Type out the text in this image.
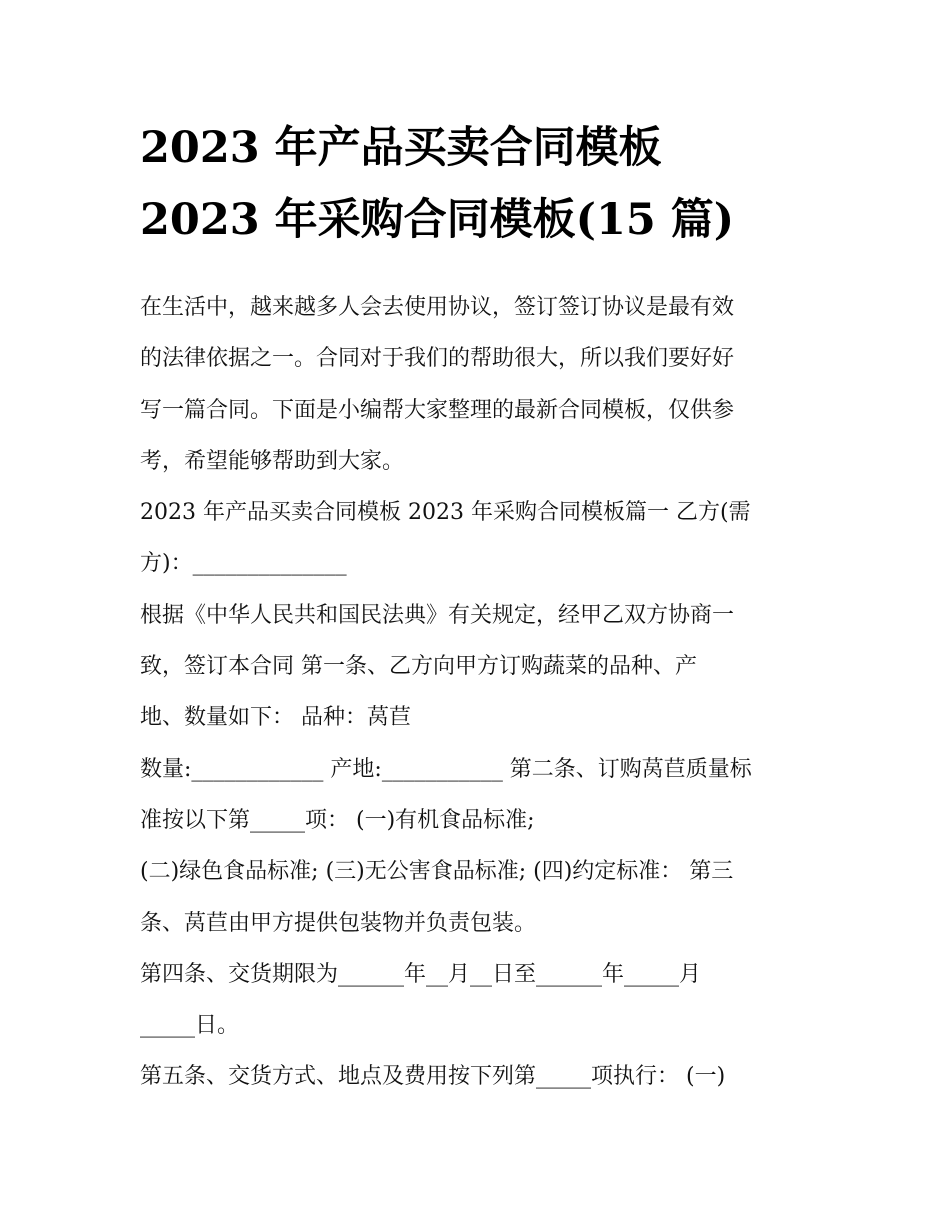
2023 年产品买卖合同模板
2023 年采购合同模板(15 篇)
在生活中，越来越多人会去使用协议，签订签订协议是最有效
的法律依据之一。合同对于我们的帮助很大，所以我们要好好
写一篇合同。下面是小编帮大家整理的最新合同模板，仅供参
考，希望能够帮助到大家。
2023 年产品买卖合同模板 2023 年采购合同模板篇一 乙方(需
方)：______________
根据《中华人民共和国民法典》有关规定，经甲乙双方协商一
致，签订本合同 第一条、乙方向甲方订购蔬菜的品种、产
地、数量如下： 品种：莴苣
数量:____________ 产地:___________ 第二条、订购莴苣质量标
准按以下第_____项： (一)有机食品标准;
(二)绿色食品标准; (三)无公害食品标准; (四)约定标准： 第三
条、莴苣由甲方提供包装物并负责包装。
第四条、交货期限为______年__月__日至______年_____月
_____日。
第五条、交货方式、地点及费用按下列第_____项执行： (一)
